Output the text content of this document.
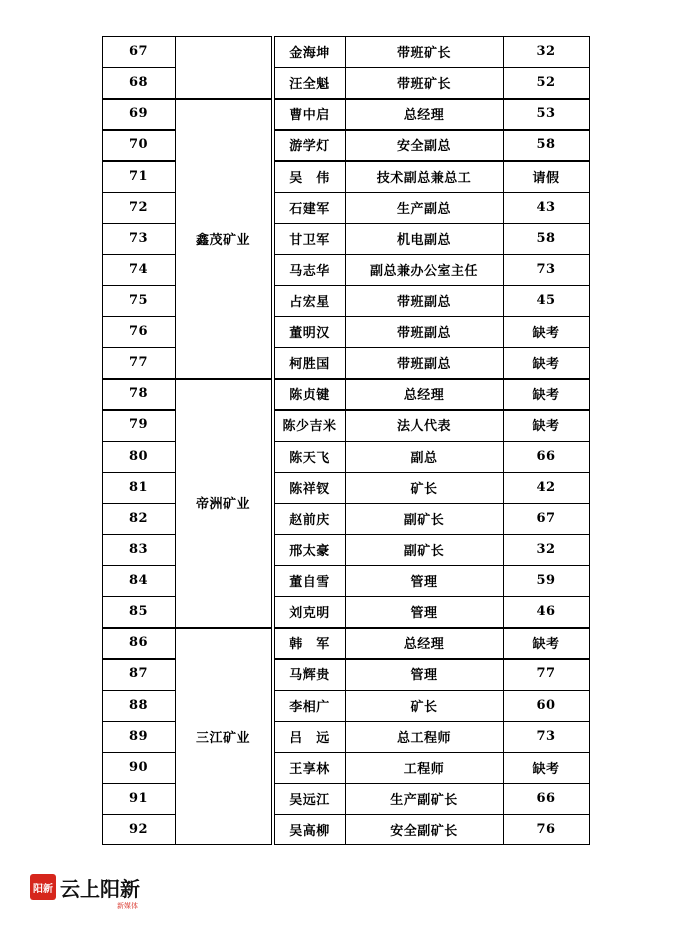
67	金海坤	带班矿长	32
68	汪全魁	带班矿长	52
69	曹中启	总经理	53
70	游学灯	安全副总	58
71	吴　伟	技术副总兼总工	请假
72	石建军	生产副总	43
73	甘卫军	机电副总	58
74	马志华	副总兼办公室主任	73
75	占宏星	带班副总	45
76	董明汉	带班副总	缺考
77	柯胜国	带班副总	缺考
鑫茂矿业
78	陈贞键	总经理	缺考
79	陈少吉米	法人代表	缺考
80	陈天飞	副总	66
81	陈祥钗	矿长	42
82	赵前庆	副矿长	67
83	邢太豪	副矿长	32
84	董自雪	管理	59
85	刘克明	管理	46
帝洲矿业
86	韩　军	总经理	缺考
87	马辉贵	管理	77
88	李相广	矿长	60
89	吕　远	总工程师	73
90	王享林	工程师	缺考
91	吴远江	生产副矿长	66
92	吴高柳	安全副矿长	76
三江矿业
阳新 云上阳新
新媒体
